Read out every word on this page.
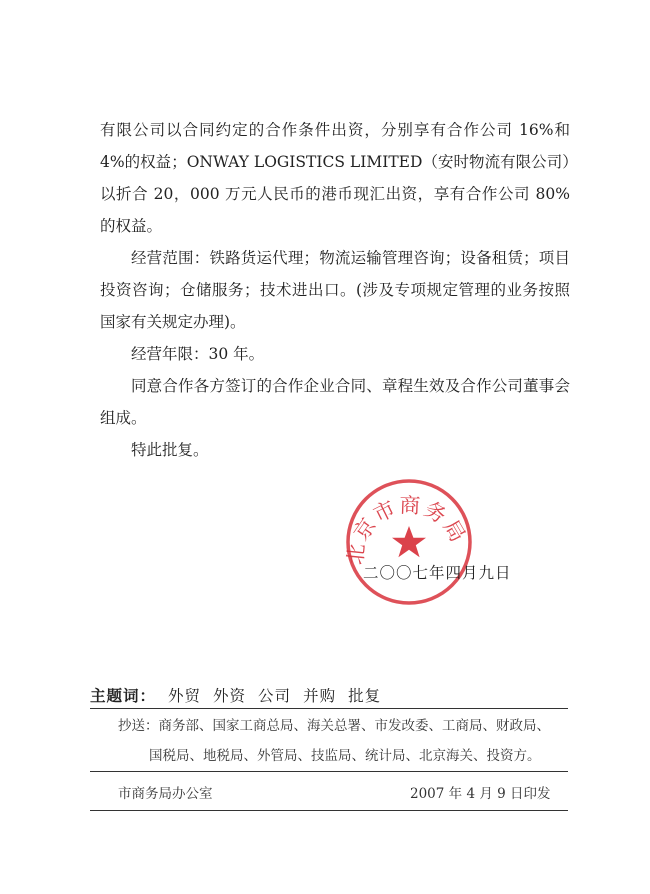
有限公司以合同约定的合作条件出资，分别享有合作公司 16%和 4%的权益；ONWAY LOGISTICS LIMITED（安时物流有限公司）以折合 20，000 万元人民币的港币现汇出资，享有合作公司 80%的权益。

经营范围：铁路货运代理；物流运输管理咨询；设备租赁；项目投资咨询；仓储服务；技术进出口。(涉及专项规定管理的业务按照国家有关规定办理)。

经营年限：30 年。

同意合作各方签订的合作企业合同、章程生效及合作公司董事会组成。

特此批复。

北京市商务局
二〇〇七年四月九日
主题词： 外贸 外资 公司 并购 批复
抄送：商务部、国家工商总局、海关总署、市发改委、工商局、财政局、
国税局、地税局、外管局、技监局、统计局、北京海关、投资方。
市商务局办公室	2007 年 4 月 9 日印发
